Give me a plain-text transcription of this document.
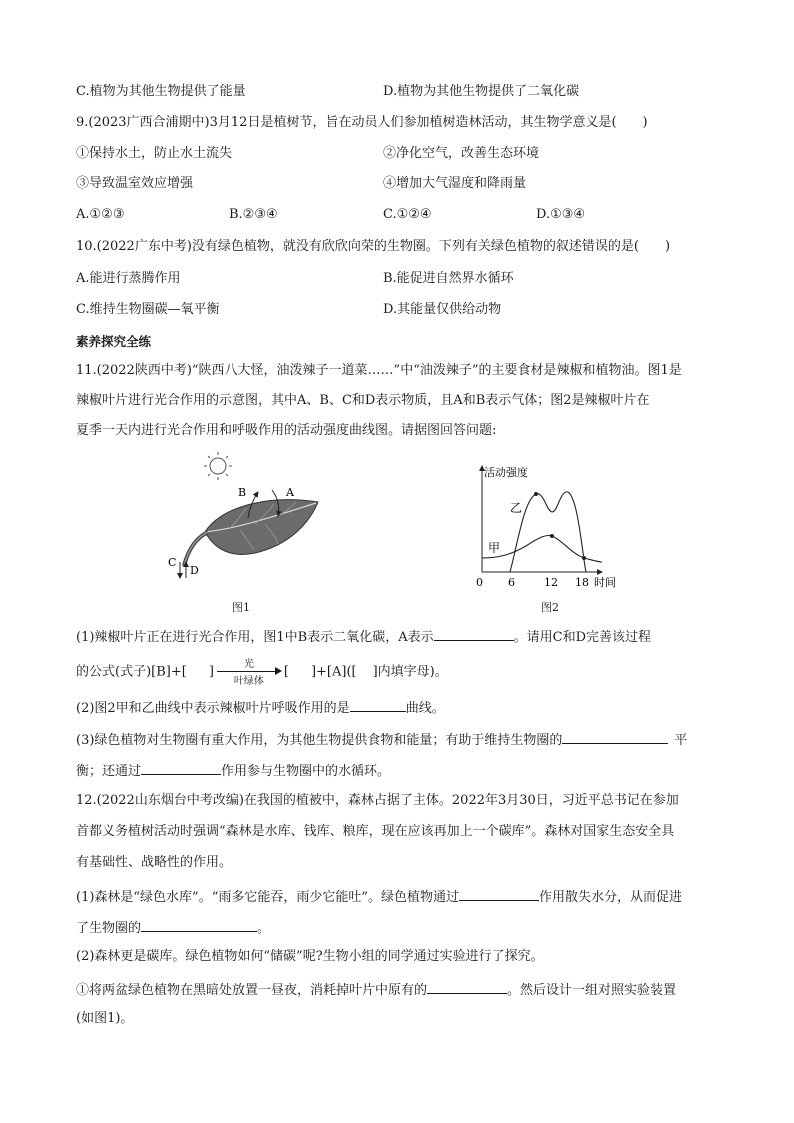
C.植物为其他生物提供了能量	D.植物为其他生物提供了二氧化碳
9.(2023广西合浦期中)3月12日是植树节，旨在动员人们参加植树造林活动，其生物学意义是(　　)
①保持水土，防止水土流失	②净化空气，改善生态环境
③导致温室效应增强	④增加大气湿度和降雨量
A.①②③	B.②③④	C.①②④	D.①③④
10.(2022广东中考)没有绿色植物，就没有欣欣向荣的生物圈。下列有关绿色植物的叙述错误的是(　　)
A.能进行蒸腾作用	B.能促进自然界水循环
C.维持生物圈碳—氧平衡	D.其能量仅供给动物
素养探究全练
11.(2022陕西中考)“陕西八大怪，油泼辣子一道菜……”中“油泼辣子”的主要食材是辣椒和植物油。图1是
辣椒叶片进行光合作用的示意图，其中A、B、C和D表示物质，且A和B表示气体；图2是辣椒叶片在
夏季一天内进行光合作用和呼吸作用的活动强度曲线图。请据图回答问题:
B	A
C
D
图1
活动强度
时间
乙
甲
0 6	12 18
图2
(1)辣椒叶片正在进行光合作用，图1中B表示二氧化碳，A表示	。请用C和D完善该过程
的公式(式子)[B]+[ ]	光
叶绿体
[ ]+[A]([ ]内填字母)。
(2)图2甲和乙曲线中表示辣椒叶片呼吸作用的是	曲线。
(3)绿色植物对生物圈有重大作用，为其他生物提供食物和能量；有助于维持生物圈的	平
衡；还通过	作用参与生物圈中的水循环。
12.(2022山东烟台中考改编)在我国的植被中，森林占据了主体。2022年3月30日，习近平总书记在参加
首都义务植树活动时强调“森林是水库、钱库、粮库，现在应该再加上一个碳库”。森林对国家生态安全具
有基础性、战略性的作用。
(1)森林是“绿色水库”。“雨多它能吞，雨少它能吐”。绿色植物通过	作用散失水分，从而促进
了生物圈的	。
(2)森林更是碳库。绿色植物如何“储碳”呢?生物小组的同学通过实验进行了探究。
①将两盆绿色植物在黑暗处放置一昼夜，消耗掉叶片中原有的	。然后设计一组对照实验装置
(如图1)。
